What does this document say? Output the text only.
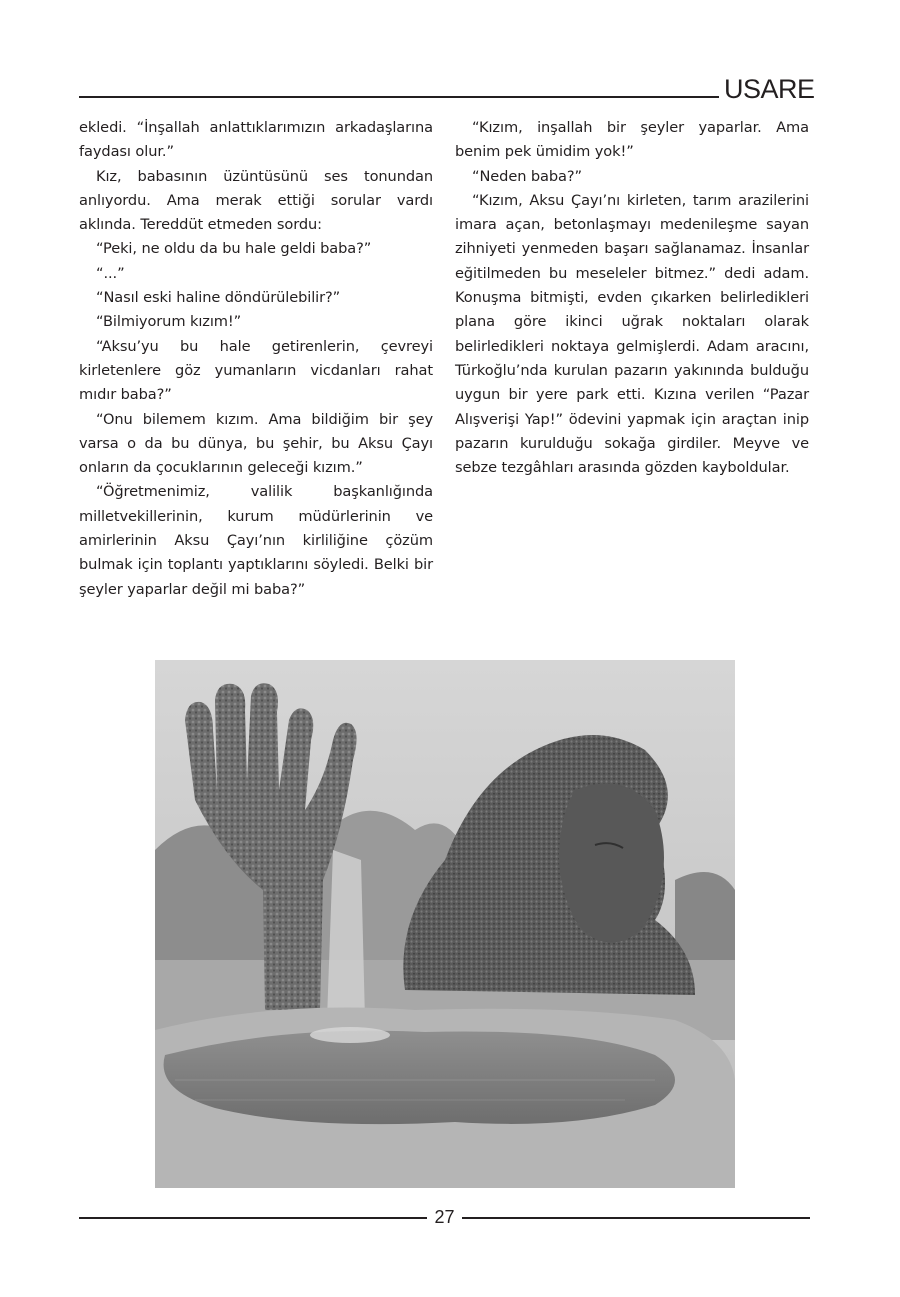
USARE

ekledi. “İnşallah anlattıklarımızın arkadaşlarına faydası olur.”

Kız, babasının üzüntüsünü ses tonundan anlıyordu. Ama merak ettiği sorular vardı aklında. Tereddüt etmeden sordu:

“Peki, ne oldu da bu hale geldi baba?”

“...”

“Nasıl eski haline döndürülebilir?”

“Bilmiyorum kızım!”

“Aksu’yu bu hale getirenlerin, çevreyi kirletenlere göz yumanların vicdanları rahat mıdır baba?”

“Onu bilemem kızım. Ama bildiğim bir şey varsa o da bu dünya, bu şehir, bu Aksu Çayı onların da çocuklarının geleceği kızım.”

“Öğretmenimiz, valilik başkanlığında milletvekillerinin, kurum müdürlerinin ve amirlerinin Aksu Çayı’nın kirliliğine çözüm bulmak için toplantı yaptıklarını söyledi. Belki bir şeyler yaparlar değil mi baba?”

“Kızım, inşallah bir şeyler yaparlar. Ama benim pek ümidim yok!”

“Neden baba?”

“Kızım, Aksu Çayı’nı kirleten, tarım arazilerini imara açan, betonlaşmayı medenileşme sayan zihniyeti yenmeden başarı sağlanamaz. İnsanlar eğitilmeden bu meseleler bitmez.” dedi adam. Konuşma bitmişti, evden çıkarken belirledikleri plana göre ikinci uğrak noktaları olarak belirledikleri noktaya gelmişlerdi. Adam aracını, Türkoğlu’nda kurulan pazarın yakınında bulduğu uygun bir yere park etti. Kızına verilen “Pazar Alışverişi Yap!” ödevini yapmak için araçtan inip pazarın kurulduğu sokağa girdiler. Meyve ve sebze tezgâhları arasında gözden kayboldular.

27
